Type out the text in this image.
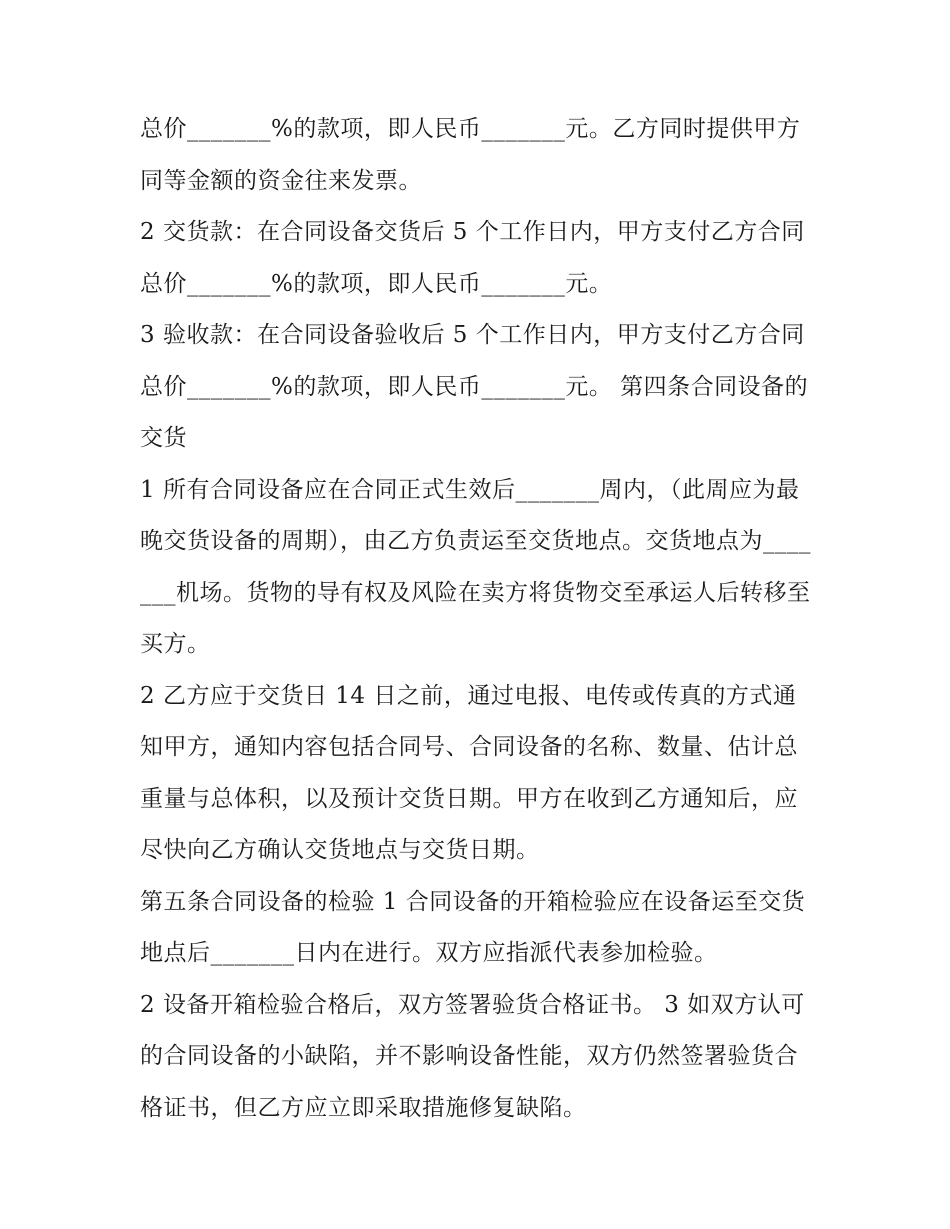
总价_______%的款项，即人民币_______元。乙方同时提供甲方同等金额的资金往来发票。

2 交货款：在合同设备交货后 5 个工作日内，甲方支付乙方合同总价_______%的款项，即人民币_______元。

3 验收款：在合同设备验收后 5 个工作日内，甲方支付乙方合同总价_______%的款项，即人民币_______元。 第四条合同设备的交货

1 所有合同设备应在合同正式生效后_______周内，（此周应为最晚交货设备的周期），由乙方负责运至交货地点。交货地点为_______机场。货物的导有权及风险在卖方将货物交至承运人后转移至买方。

2 乙方应于交货日 14 日之前，通过电报、电传或传真的方式通知甲方，通知内容包括合同号、合同设备的名称、数量、估计总重量与总体积，以及预计交货日期。甲方在收到乙方通知后，应尽快向乙方确认交货地点与交货日期。

第五条合同设备的检验 1 合同设备的开箱检验应在设备运至交货地点后_______日内在进行。双方应指派代表参加检验。

2 设备开箱检验合格后，双方签署验货合格证书。 3 如双方认可的合同设备的小缺陷，并不影响设备性能，双方仍然签署验货合格证书，但乙方应立即采取措施修复缺陷。
